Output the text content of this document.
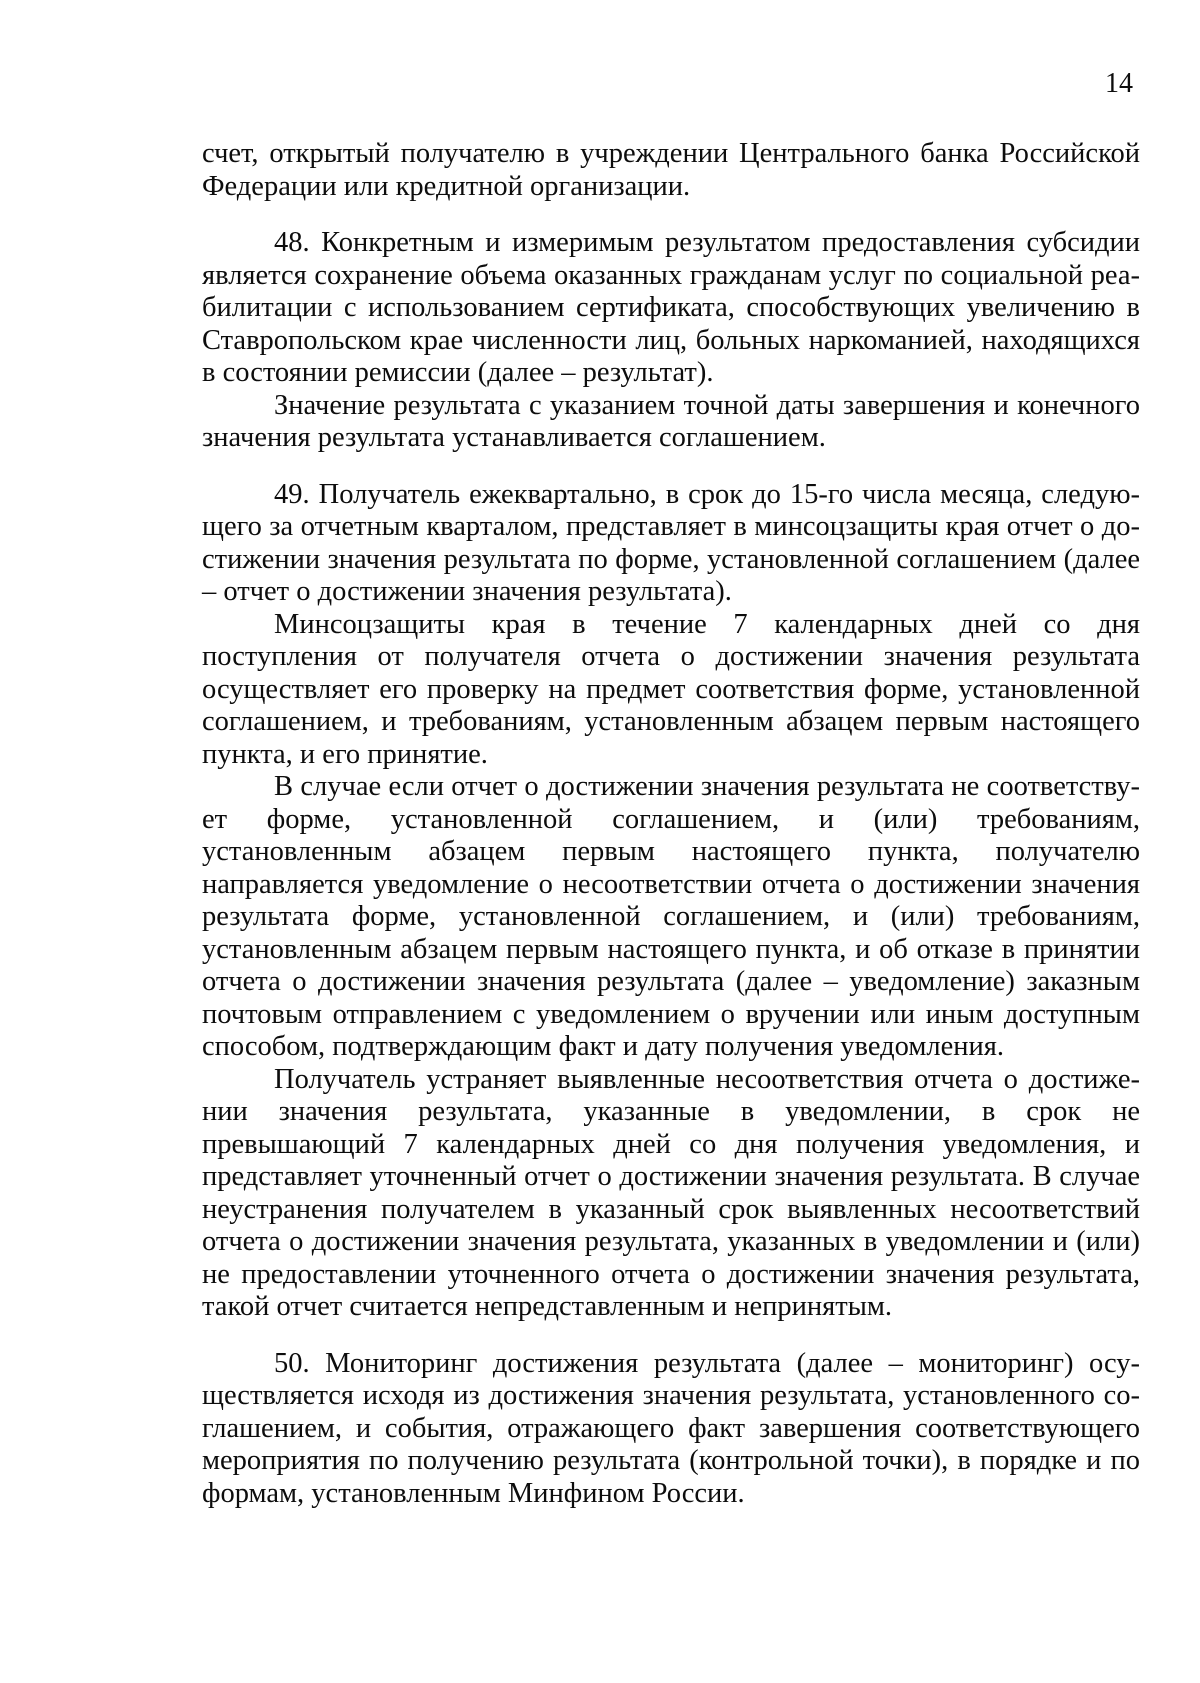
14

счет, открытый получателю в учреждении Центрального банка Российской Федерации или кредитной организации.

48. Конкретным и измеримым результатом предоставления субсидии является сохранение объема оказанных гражданам услуг по социальной реабилитации с использованием сертификата, способствующих увеличению в Ставропольском крае численности лиц, больных наркоманией, находящихся в состоянии ремиссии (далее – результат).

Значение результата с указанием точной даты завершения и конечного значения результата устанавливается соглашением.

49. Получатель ежеквартально, в срок до 15-го числа месяца, следующего за отчетным кварталом, представляет в минсоцзащиты края отчет о достижении значения результата по форме, установленной соглашением (далее – отчет о достижении значения результата).

Минсоцзащиты края в течение 7 календарных дней со дня поступления от получателя отчета о достижении значения результата осуществляет его проверку на предмет соответствия форме, установленной соглашением, и требованиям, установленным абзацем первым настоящего пункта, и его принятие.

В случае если отчет о достижении значения результата не соответствует форме, установленной соглашением, и (или) требованиям, установленным абзацем первым настоящего пункта, получателю направляется уведомление о несоответствии отчета о достижении значения результата форме, установленной соглашением, и (или) требованиям, установленным абзацем первым настоящего пункта, и об отказе в принятии отчета о достижении значения результата (далее – уведомление) заказным почтовым отправлением с уведомлением о вручении или иным доступным способом, подтверждающим факт и дату получения уведомления.

Получатель устраняет выявленные несоответствия отчета о достижении значения результата, указанные в уведомлении, в срок не превышающий 7 календарных дней со дня получения уведомления, и представляет уточненный отчет о достижении значения результата. В случае неустранения получателем в указанный срок выявленных несоответствий отчета о достижении значения результата, указанных в уведомлении и (или) не предоставлении уточненного отчета о достижении значения результата, такой отчет считается непредставленным и непринятым.

50. Мониторинг достижения результата (далее – мониторинг) осуществляется исходя из достижения значения результата, установленного соглашением, и события, отражающего факт завершения соответствующего мероприятия по получению результата (контрольной точки), в порядке и по формам, установленным Минфином России.
